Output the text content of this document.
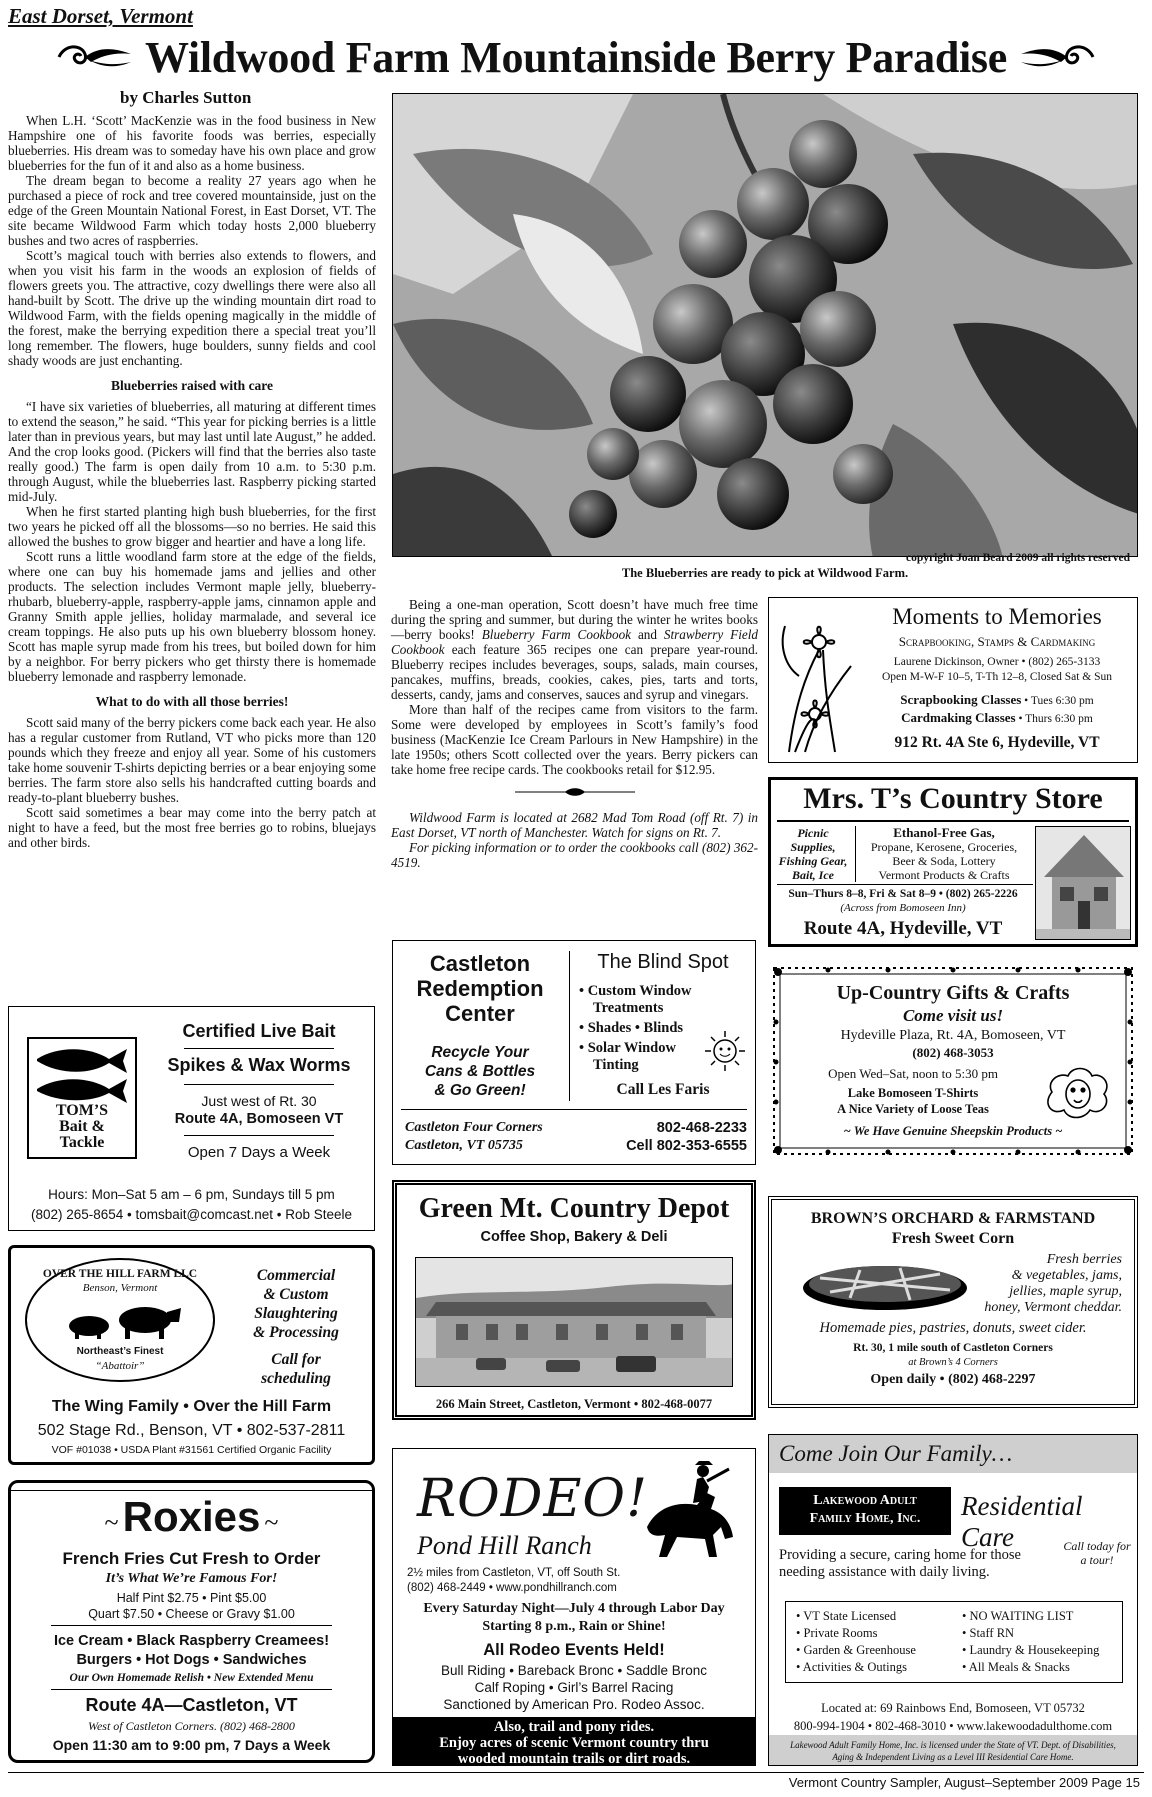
East Dorset, Vermont
Wildwood Farm Mountainside Berry Paradise
by Charles Sutton

When L.H. ‘Scott’ MacKenzie was in the food business in New Hampshire one of his favorite foods was berries, especially blueberries. His dream was to someday have his own place and grow blueberries for the fun of it and also as a home business.

The dream began to become a reality 27 years ago when he purchased a piece of rock and tree covered mountainside, just on the edge of the Green Mountain National Forest, in East Dorset, VT. The site became Wildwood Farm which today hosts 2,000 blueberry bushes and two acres of raspberries.

Scott’s magical touch with berries also extends to flowers, and when you visit his farm in the woods an explosion of fields of flowers greets you. The attractive, cozy dwellings there were also all hand-built by Scott. The drive up the winding mountain dirt road to Wildwood Farm, with the fields opening magically in the middle of the forest, make the berrying expedition there a special treat you’ll long remember. The flowers, huge boulders, sunny fields and cool shady woods are just enchanting.

Blueberries raised with care

“I have six varieties of blueberries, all maturing at different times to extend the season,” he said. “This year for picking berries is a little later than in previous years, but may last until late August,” he added. And the crop looks good. (Pickers will find that the berries also taste really good.) The farm is open daily from 10 a.m. to 5:30 p.m. through August, while the blueberries last. Raspberry picking started mid-July.

When he first started planting high bush blueberries, for the first two years he picked off all the blossoms—so no berries. He said this allowed the bushes to grow bigger and heartier and have a long life.

Scott runs a little woodland farm store at the edge of the fields, where one can buy his homemade jams and jellies and other products. The selection includes Vermont maple jelly, blueberry-rhubarb, blueberry-apple, raspberry-apple jams, cinnamon apple and Granny Smith apple jellies, holiday marmalade, and several ice cream toppings. He also puts up his own blueberry blossom honey. Scott has maple syrup made from his trees, but boiled down for him by a neighbor. For berry pickers who get thirsty there is homemade blueberry lemonade and raspberry lemonade.

What to do with all those berries!

Scott said many of the berry pickers come back each year. He also has a regular customer from Rutland, VT who picks more than 120 pounds which they freeze and enjoy all year. Some of his customers take home souvenir T-shirts depicting berries or a bear enjoying some berries. The farm store also sells his handcrafted cutting boards and ready-to-plant blueberry bushes.

Scott said sometimes a bear may come into the berry patch at night to have a feed, but the most free berries go to robins, bluejays and other birds.

copyright Joan Beard 2009 all rights reserved
The Blueberries are ready to pick at Wildwood Farm.

Being a one-man operation, Scott doesn’t have much free time during the spring and summer, but during the winter he writes books—berry books! Blueberry Farm Cookbook and Strawberry Field Cookbook each feature 365 recipes one can prepare year-round. Blueberry recipes includes beverages, soups, salads, main courses, pancakes, muffins, breads, cookies, cakes, pies, tarts and torts, desserts, candy, jams and conserves, sauces and syrup and vinegars.

More than half of the recipes came from visitors to the farm. Some were developed by employees in Scott’s family’s food business (MacKenzie Ice Cream Parlours in New Hampshire) in the late 1950s; others Scott collected over the years. Berry pickers can take home free recipe cards. The cookbooks retail for $12.95.

Wildwood Farm is located at 2682 Mad Tom Road (off Rt. 7) in East Dorset, VT north of Manchester. Watch for signs on Rt. 7.

For picking information or to order the cookbooks call (802) 362-4519.

TOM’S
Bait &
Tackle
Certified Live Bait
Spikes & Wax Worms
Just west of Rt. 30
Route 4A, Bomoseen VT
Open 7 Days a Week
Hours: Mon–Sat 5 am – 6 pm, Sundays till 5 pm
(802) 265-8654 • tomsbait@comcast.net • Rob Steele
OVER THE HILL FARM LLC
Benson, Vermont
Northeast’s Finest
“Abattoir”
Commercial
& Custom
Slaughtering
& Processing
Call for
scheduling
The Wing Family • Over the Hill Farm
502 Stage Rd., Benson, VT • 802-537-2811
VOF #01038 • USDA Plant #31561 Certified Organic Facility
~ Roxies ~
French Fries Cut Fresh to Order
It’s What We’re Famous For!
Half Pint $2.75 • Pint $5.00
Quart $7.50 • Cheese or Gravy $1.00
Ice Cream • Black Raspberry Creamees!
Burgers • Hot Dogs • Sandwiches
Our Own Homemade Relish • New Extended Menu
Route 4A—Castleton, VT
West of Castleton Corners. (802) 468-2800
Open 11:30 am to 9:00 pm, 7 Days a Week
Castleton
Redemption
Center
Recycle Your
Cans & Bottles
& Go Green!
The Blind Spot
• Custom Window
Treatments
• Shades • Blinds
• Solar Window
Tinting
Call Les Faris
Castleton Four Corners
Castleton, VT 05735
802-468-2233
Cell 802-353-6555
Green Mt. Country Depot
Coffee Shop, Bakery & Deli
266 Main Street, Castleton, Vermont • 802-468-0077
RODEO!
Pond Hill Ranch
2½ miles from Castleton, VT, off South St.
(802) 468-2449 • www.pondhillranch.com
Every Saturday Night—July 4 through Labor Day
Starting 8 p.m., Rain or Shine!
All Rodeo Events Held!
Bull Riding • Bareback Bronc • Saddle Bronc
Calf Roping • Girl’s Barrel Racing
Sanctioned by American Pro. Rodeo Assoc.
Also, trail and pony rides.
Enjoy acres of scenic Vermont country thru
wooded mountain trails or dirt roads.
Moments to Memories
Scrapbooking, Stamps & Cardmaking
Laurene Dickinson, Owner • (802) 265-3133
Open M-W-F 10–5, T-Th 12–8, Closed Sat & Sun
Scrapbooking Classes • Tues 6:30 pm
Cardmaking Classes • Thurs 6:30 pm
912 Rt. 4A Ste 6, Hydeville, VT
Mrs. T’s Country Store
Picnic
Supplies,
Fishing Gear,
Bait, Ice
Ethanol-Free Gas,
Propane, Kerosene, Groceries,
Beer & Soda, Lottery
Vermont Products & Crafts
Sun–Thurs 8–8, Fri & Sat 8–9 • (802) 265-2226
(Across from Bomoseen Inn)
Route 4A, Hydeville, VT
Up-Country Gifts & Crafts
Come visit us!
Hydeville Plaza, Rt. 4A, Bomoseen, VT
(802) 468-3053
Open Wed–Sat, noon to 5:30 pm
Lake Bomoseen T-Shirts
A Nice Variety of Loose Teas
~ We Have Genuine Sheepskin Products ~
BROWN’S ORCHARD & FARMSTAND
Fresh Sweet Corn
Fresh berries
& vegetables, jams,
jellies, maple syrup,
honey, Vermont cheddar.
Homemade pies, pastries, donuts, sweet cider.
Rt. 30, 1 mile south of Castleton Corners
at Brown’s 4 Corners
Open daily • (802) 468-2297
Come Join Our Family…
Lakewood Adult
Family Home, Inc.	Residential Care
Providing a secure, caring home for those needing assistance with daily living.
Call today for a tour!
• VT State Licensed
• Private Rooms
• Garden & Greenhouse
• Activities & Outings
• NO WAITING LIST
• Staff RN
• Laundry & Housekeeping
• All Meals & Snacks
Located at: 69 Rainbows End, Bomoseen, VT 05732
800-994-1904 • 802-468-3010 • www.lakewoodadulthome.com
Lakewood Adult Family Home, Inc. is licensed under the State of VT. Dept. of Disabilities, Aging & Independent Living as a Level III Residential Care Home.
Vermont Country Sampler, August–September 2009 Page 15
